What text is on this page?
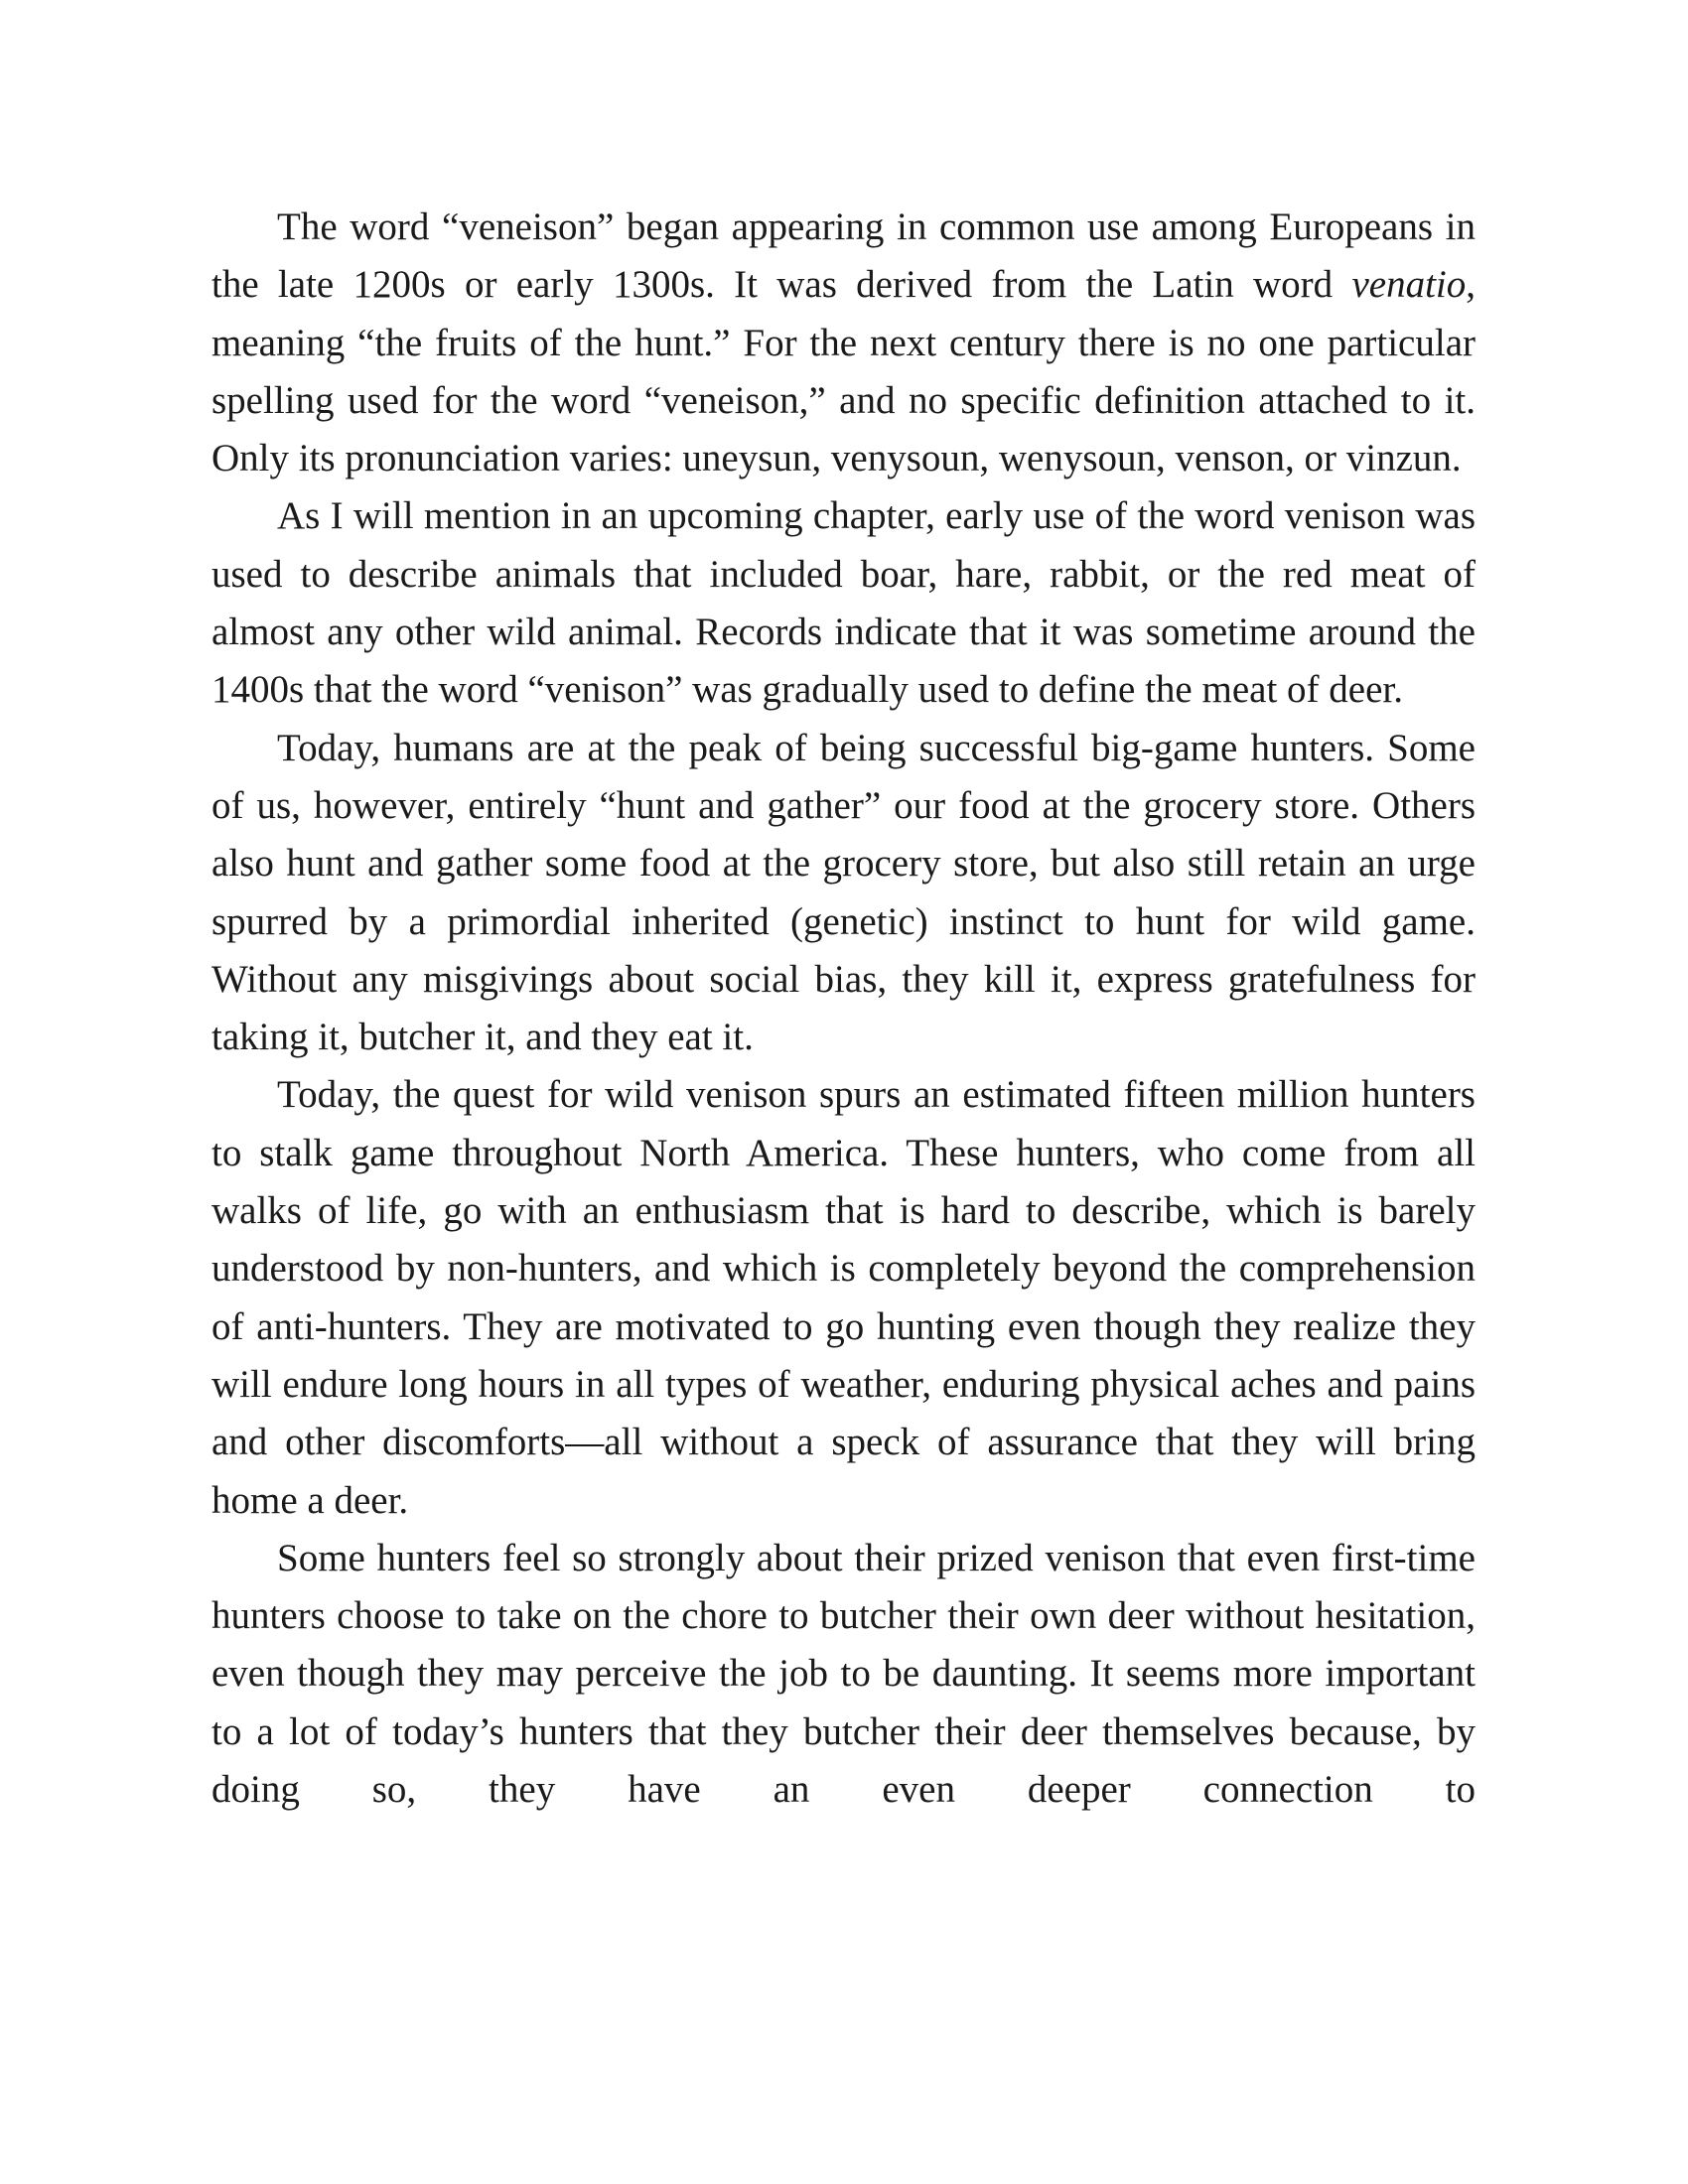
The word “veneison” began appearing in common use among Europeans in the late 1200s or early 1300s. It was derived from the Latin word venatio, meaning “the fruits of the hunt.” For the next century there is no one particular spelling used for the word “veneison,” and no specific definition attached to it. Only its pronunciation varies: uneysun, venysoun, wenysoun, venson, or vinzun.

As I will mention in an upcoming chapter, early use of the word venison was used to describe animals that included boar, hare, rabbit, or the red meat of almost any other wild animal. Records indicate that it was sometime around the 1400s that the word “venison” was gradually used to define the meat of deer.

Today, humans are at the peak of being successful big-game hunters. Some of us, however, entirely “hunt and gather” our food at the grocery store. Others also hunt and gather some food at the grocery store, but also still retain an urge spurred by a primordial inherited (genetic) instinct to hunt for wild game. Without any misgivings about social bias, they kill it, express gratefulness for taking it, butcher it, and they eat it.

Today, the quest for wild venison spurs an estimated fifteen million hunters to stalk game throughout North America. These hunters, who come from all walks of life, go with an enthusiasm that is hard to describe, which is barely understood by non-hunters, and which is completely beyond the comprehension of anti-hunters. They are motivated to go hunting even though they realize they will endure long hours in all types of weather, enduring physical aches and pains and other discomforts—all without a speck of assurance that they will bring home a deer.

Some hunters feel so strongly about their prized venison that even first-time hunters choose to take on the chore to butcher their own deer without hesitation, even though they may perceive the job to be daunting. It seems more important to a lot of today’s hunters that they butcher their deer themselves because, by doing so, they have an even deeper connection to
